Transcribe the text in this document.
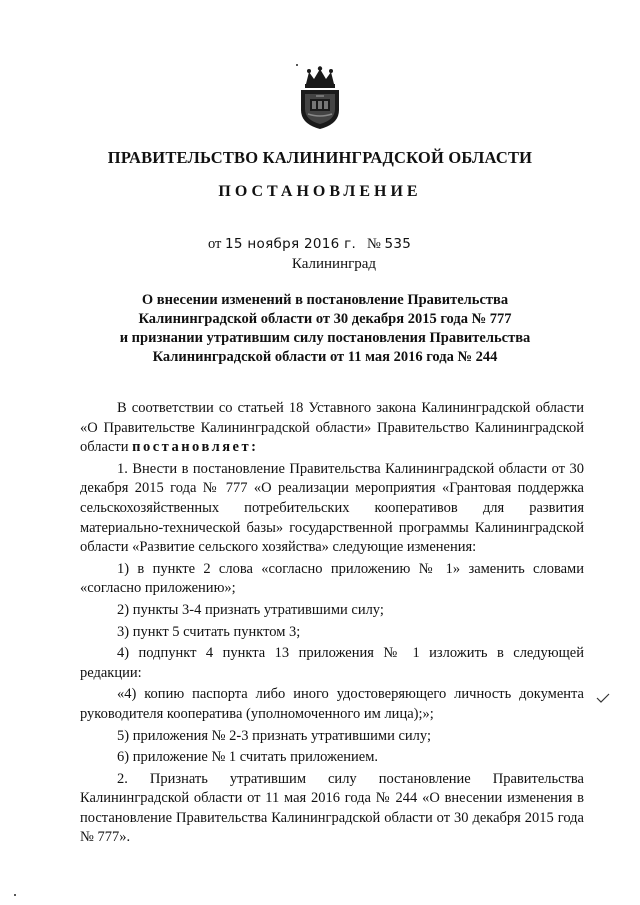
ПРАВИТЕЛЬСТВО КАЛИНИНГРАДСКОЙ ОБЛАСТИ
ПОСТАНОВЛЕНИЕ
от 15 ноября 2016 г. № 535
Калининград
О внесении изменений в постановление Правительства
Калининградской области от 30 декабря 2015 года № 777
и признании утратившим силу постановления Правительства
Калининградской области от 11 мая 2016 года № 244

В соответствии со статьей 18 Уставного закона Калининградской области «О Правительстве Калининградской области» Правительство Калининградской области постановляет:

1. Внести в постановление Правительства Калининградской области от 30 декабря 2015 года № 777 «О реализации мероприятия «Грантовая поддержка сельскохозяйственных потребительских кооперативов для развития материально-технической базы» государственной программы Калининградской области «Развитие сельского хозяйства» следующие изменения:

1) в пункте 2 слова «согласно приложению № 1» заменить словами «согласно приложению»;

2) пункты 3-4 признать утратившими силу;

3) пункт 5 считать пунктом 3;

4) подпункт 4 пункта 13 приложения № 1 изложить в следующей редакции:

«4) копию паспорта либо иного удостоверяющего личность документа руководителя кооператива (уполномоченного им лица);»;

5) приложения № 2-3 признать утратившими силу;

6) приложение № 1 считать приложением.

2. Признать утратившим силу постановление Правительства Калининградской области от 11 мая 2016 года № 244 «О внесении изменения в постановление Правительства Калининградской области от 30 декабря 2015 года № 777».
